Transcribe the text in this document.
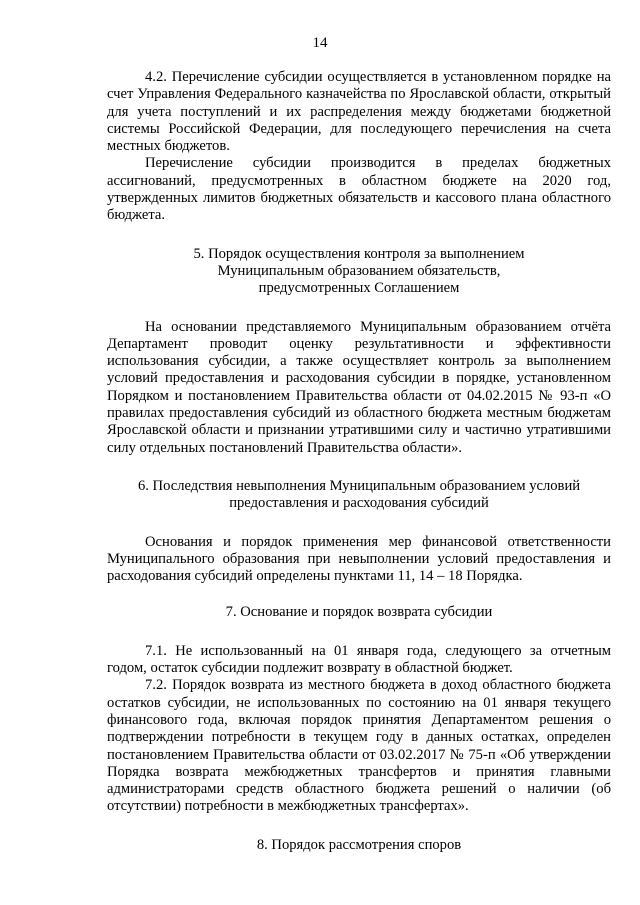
14

4.2. Перечисление субсидии осуществляется в установленном порядке на счет Управления Федерального казначейства по Ярославской области, открытый для учета поступлений и их распределения между бюджетами бюджетной системы Российской Федерации, для последующего перечисления на счета местных бюджетов.

Перечисление субсидии производится в пределах бюджетных ассигнований, предусмотренных в областном бюджете на 2020 год, утвержденных лимитов бюджетных обязательств и кассового плана областного бюджета.

5. Порядок осуществления контроля за выполнением
Муниципальным образованием обязательств,
предусмотренных Соглашением

На основании представляемого Муниципальным образованием отчёта Департамент проводит оценку результативности и эффективности использования субсидии, а также осуществляет контроль за выполнением условий предоставления и расходования субсидии в порядке, установленном Порядком и постановлением Правительства области от 04.02.2015 № 93-п «О правилах предоставления субсидий из областного бюджета местным бюджетам Ярославской области и признании утратившими силу и частично утратившими силу отдельных постановлений Правительства области».

6. Последствия невыполнения Муниципальным образованием условий
предоставления и расходования субсидий

Основания и порядок применения мер финансовой ответственности Муниципального образования при невыполнении условий предоставления и расходования субсидий определены пунктами 11, 14 – 18 Порядка.

7. Основание и порядок возврата субсидии

7.1. Не использованный на 01 января года, следующего за отчетным годом, остаток субсидии подлежит возврату в областной бюджет.

7.2. Порядок возврата из местного бюджета в доход областного бюджета остатков субсидии, не использованных по состоянию на 01 января текущего финансового года, включая порядок принятия Департаментом решения о подтверждении потребности в текущем году в данных остатках, определен постановлением Правительства области от 03.02.2017 № 75-п «Об утверждении Порядка возврата межбюджетных трансфертов и принятия главными администраторами средств областного бюджета решений о наличии (об отсутствии) потребности в межбюджетных трансфертах».

8. Порядок рассмотрения споров
